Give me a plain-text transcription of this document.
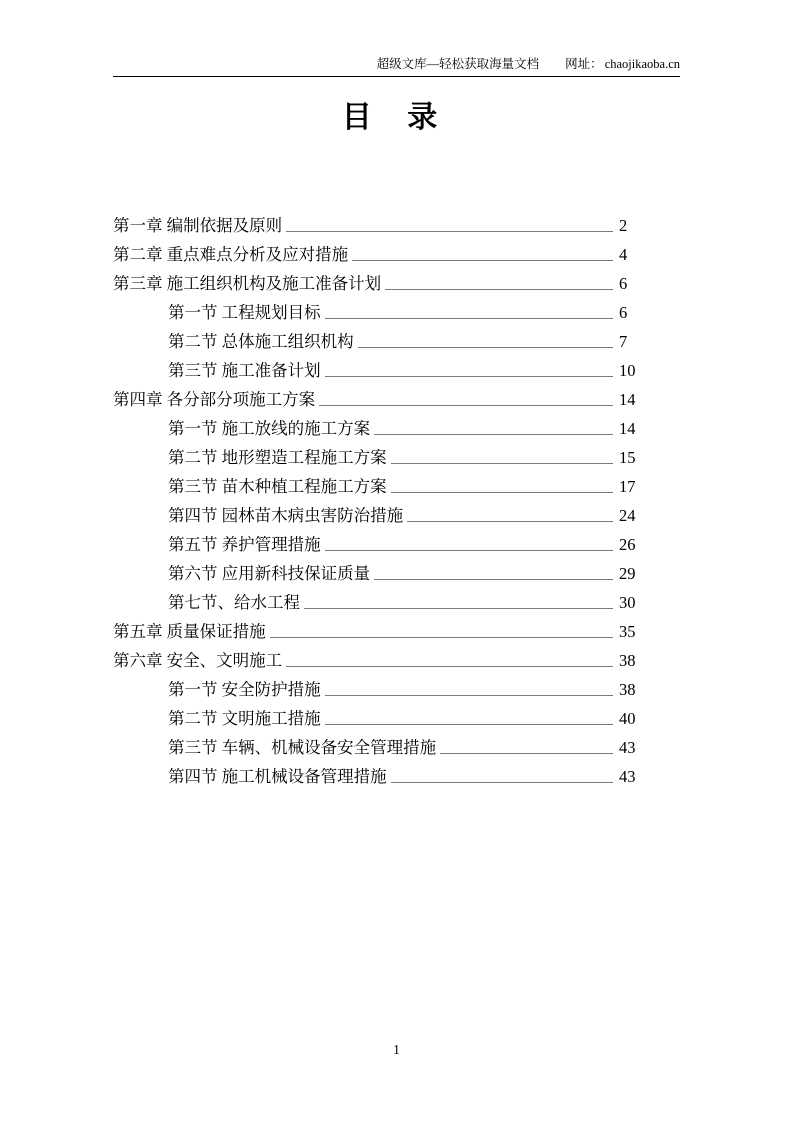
超级文库—轻松获取海量文档 网址： chaojikaoba.cn
目 录
第一章 编制依据及原则	2
第二章 重点难点分析及应对措施	4
第三章 施工组织机构及施工准备计划	6
第一节 工程规划目标	6
第二节 总体施工组织机构	7
第三节 施工准备计划	10
第四章 各分部分项施工方案	14
第一节 施工放线的施工方案	14
第二节 地形塑造工程施工方案	15
第三节 苗木种植工程施工方案	17
第四节 园林苗木病虫害防治措施	24
第五节 养护管理措施	26
第六节 应用新科技保证质量	29
第七节、给水工程	30
第五章 质量保证措施	35
第六章 安全、文明施工	38
第一节 安全防护措施	38
第二节 文明施工措施	40
第三节 车辆、机械设备安全管理措施	43
第四节 施工机械设备管理措施	43
1
